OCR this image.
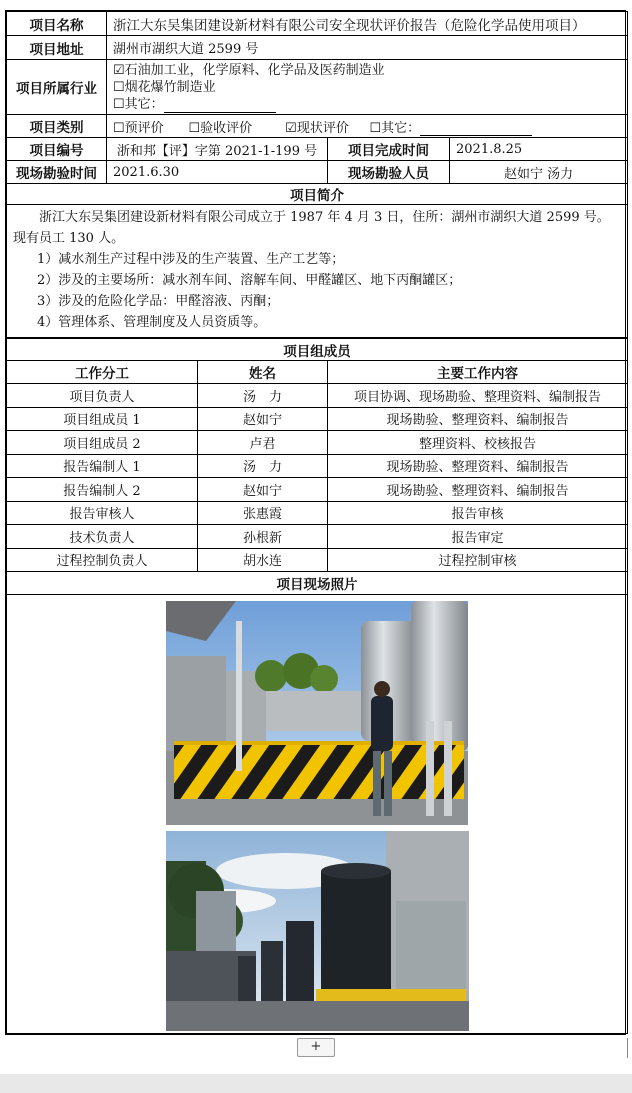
项目名称	浙江大东吴集团建设新材料有限公司安全现状评价报告（危险化学品使用项目）		
项目地址	湖州市湖织大道 2599 号		
项目所属行业	☑石油加工业，化学原料、化学品及医药制造业
☐烟花爆竹制造业
☐其它：		

项目类别	☐预评价 ☐验收评价 ☑现状评价 ☐其它：		
项目编号	浙和邦【评】字第 2021-1-199 号	项目完成时间	2021.8.25
现场勘验时间	2021.6.30	现场勘验人员	赵如宁 汤力
项目简介			

浙江大东吴集团建设新材料有限公司成立于 1987 年 4 月 3 日，住所：湖州市湖织大道 2599 号。现有员工 130 人。

1）减水剂生产过程中涉及的生产装置、生产工艺等；

2）涉及的主要场所：减水剂车间、溶解车间、甲醛罐区、地下丙酮罐区；

3）涉及的危险化学品：甲醛溶液、丙酮；

4）管理体系、管理制度及人员资质等。			

项目组成员		
工作分工	姓名	主要工作内容
项目负责人	汤　力	项目协调、现场勘验、整理资料、编制报告
项目组成员 1	赵如宁	现场勘验、整理资料、编制报告
项目组成员 2	卢君	整理资料、校核报告
报告编制人 1	汤　力	现场勘验、整理资料、编制报告
报告编制人 2	赵如宁	现场勘验、整理资料、编制报告
报告审核人	张惠霞	报告审核
技术负责人	孙根新	报告审定
过程控制负责人	胡水连	过程控制审核
项目现场照片		

+
